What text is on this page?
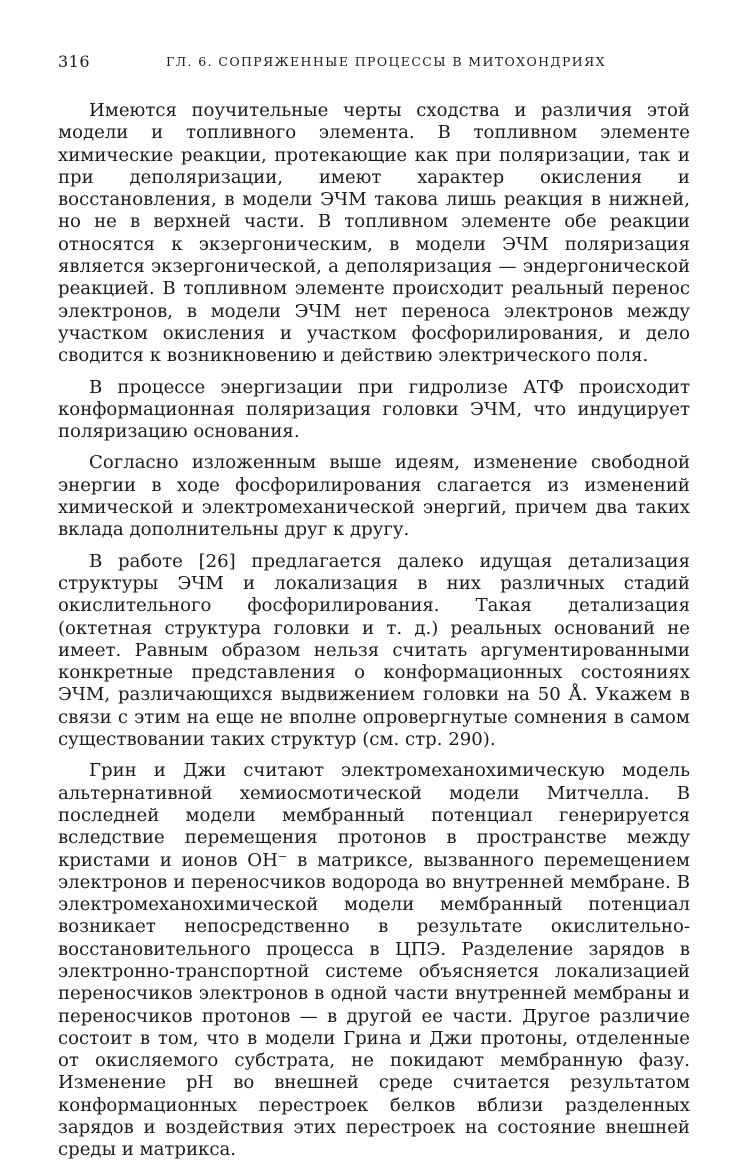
316	ГЛ. 6. СОПРЯЖЕННЫЕ ПРОЦЕССЫ В МИТОХОНДРИЯХ

Имеются поучительные черты сходства и различия этой модели и топливного элемента. В топливном элементе химические реакции, протекающие как при поляризации, так и при деполяризации, имеют характер окисления и восстановления, в модели ЭЧМ такова лишь реакция в нижней, но не в верхней части. В топливном элементе обе реакции относятся к экзергоническим, в модели ЭЧМ поляризация является экзергонической, а деполяризация — эндергонической реакцией. В топливном элементе происходит реальный перенос электронов, в модели ЭЧМ нет переноса электронов между участком окисления и участком фосфорилирования, и дело сводится к возникновению и действию электрического поля.

В процессе энергизации при гидролизе АТФ происходит конформационная поляризация головки ЭЧМ, что индуцирует поляризацию основания.

Согласно изложенным выше идеям, изменение свободной энергии в ходе фосфорилирования слагается из изменений химической и электромеханической энергий, причем два таких вклада дополнительны друг к другу.

В работе [26] предлагается далеко идущая детализация структуры ЭЧМ и локализация в них различных стадий окислительного фосфорилирования. Такая детализация (октетная структура головки и т. д.) реальных оснований не имеет. Равным образом нельзя считать аргументированными конкретные представления о конформационных состояниях ЭЧМ, различающихся выдвижением головки на 50 Å. Укажем в связи с этим на еще не вполне опровергнутые сомнения в самом существовании таких структур (см. стр. 290).

Грин и Джи считают электромеханохимическую модель альтернативной хемиосмотической модели Митчелла. В последней модели мембранный потенциал генерируется вследствие перемещения протонов в пространстве между кристами и ионов ОН⁻ в матриксе, вызванного перемещением электронов и переносчиков водорода во внутренней мембране. В электромеханохимической модели мембранный потенциал возникает непосредственно в результате окислительно-восстановительного процесса в ЦПЭ. Разделение зарядов в электронно-транспортной системе объясняется локализацией переносчиков электронов в одной части внутренней мембраны и переносчиков протонов — в другой ее части. Другое различие состоит в том, что в модели Грина и Джи протоны, отделенные от окисляемого субстрата, не покидают мембранную фазу. Изменение pH во внешней среде считается результатом конформационных перестроек белков вблизи разделенных зарядов и воздействия этих перестроек на состояние внешней среды и матрикса.
